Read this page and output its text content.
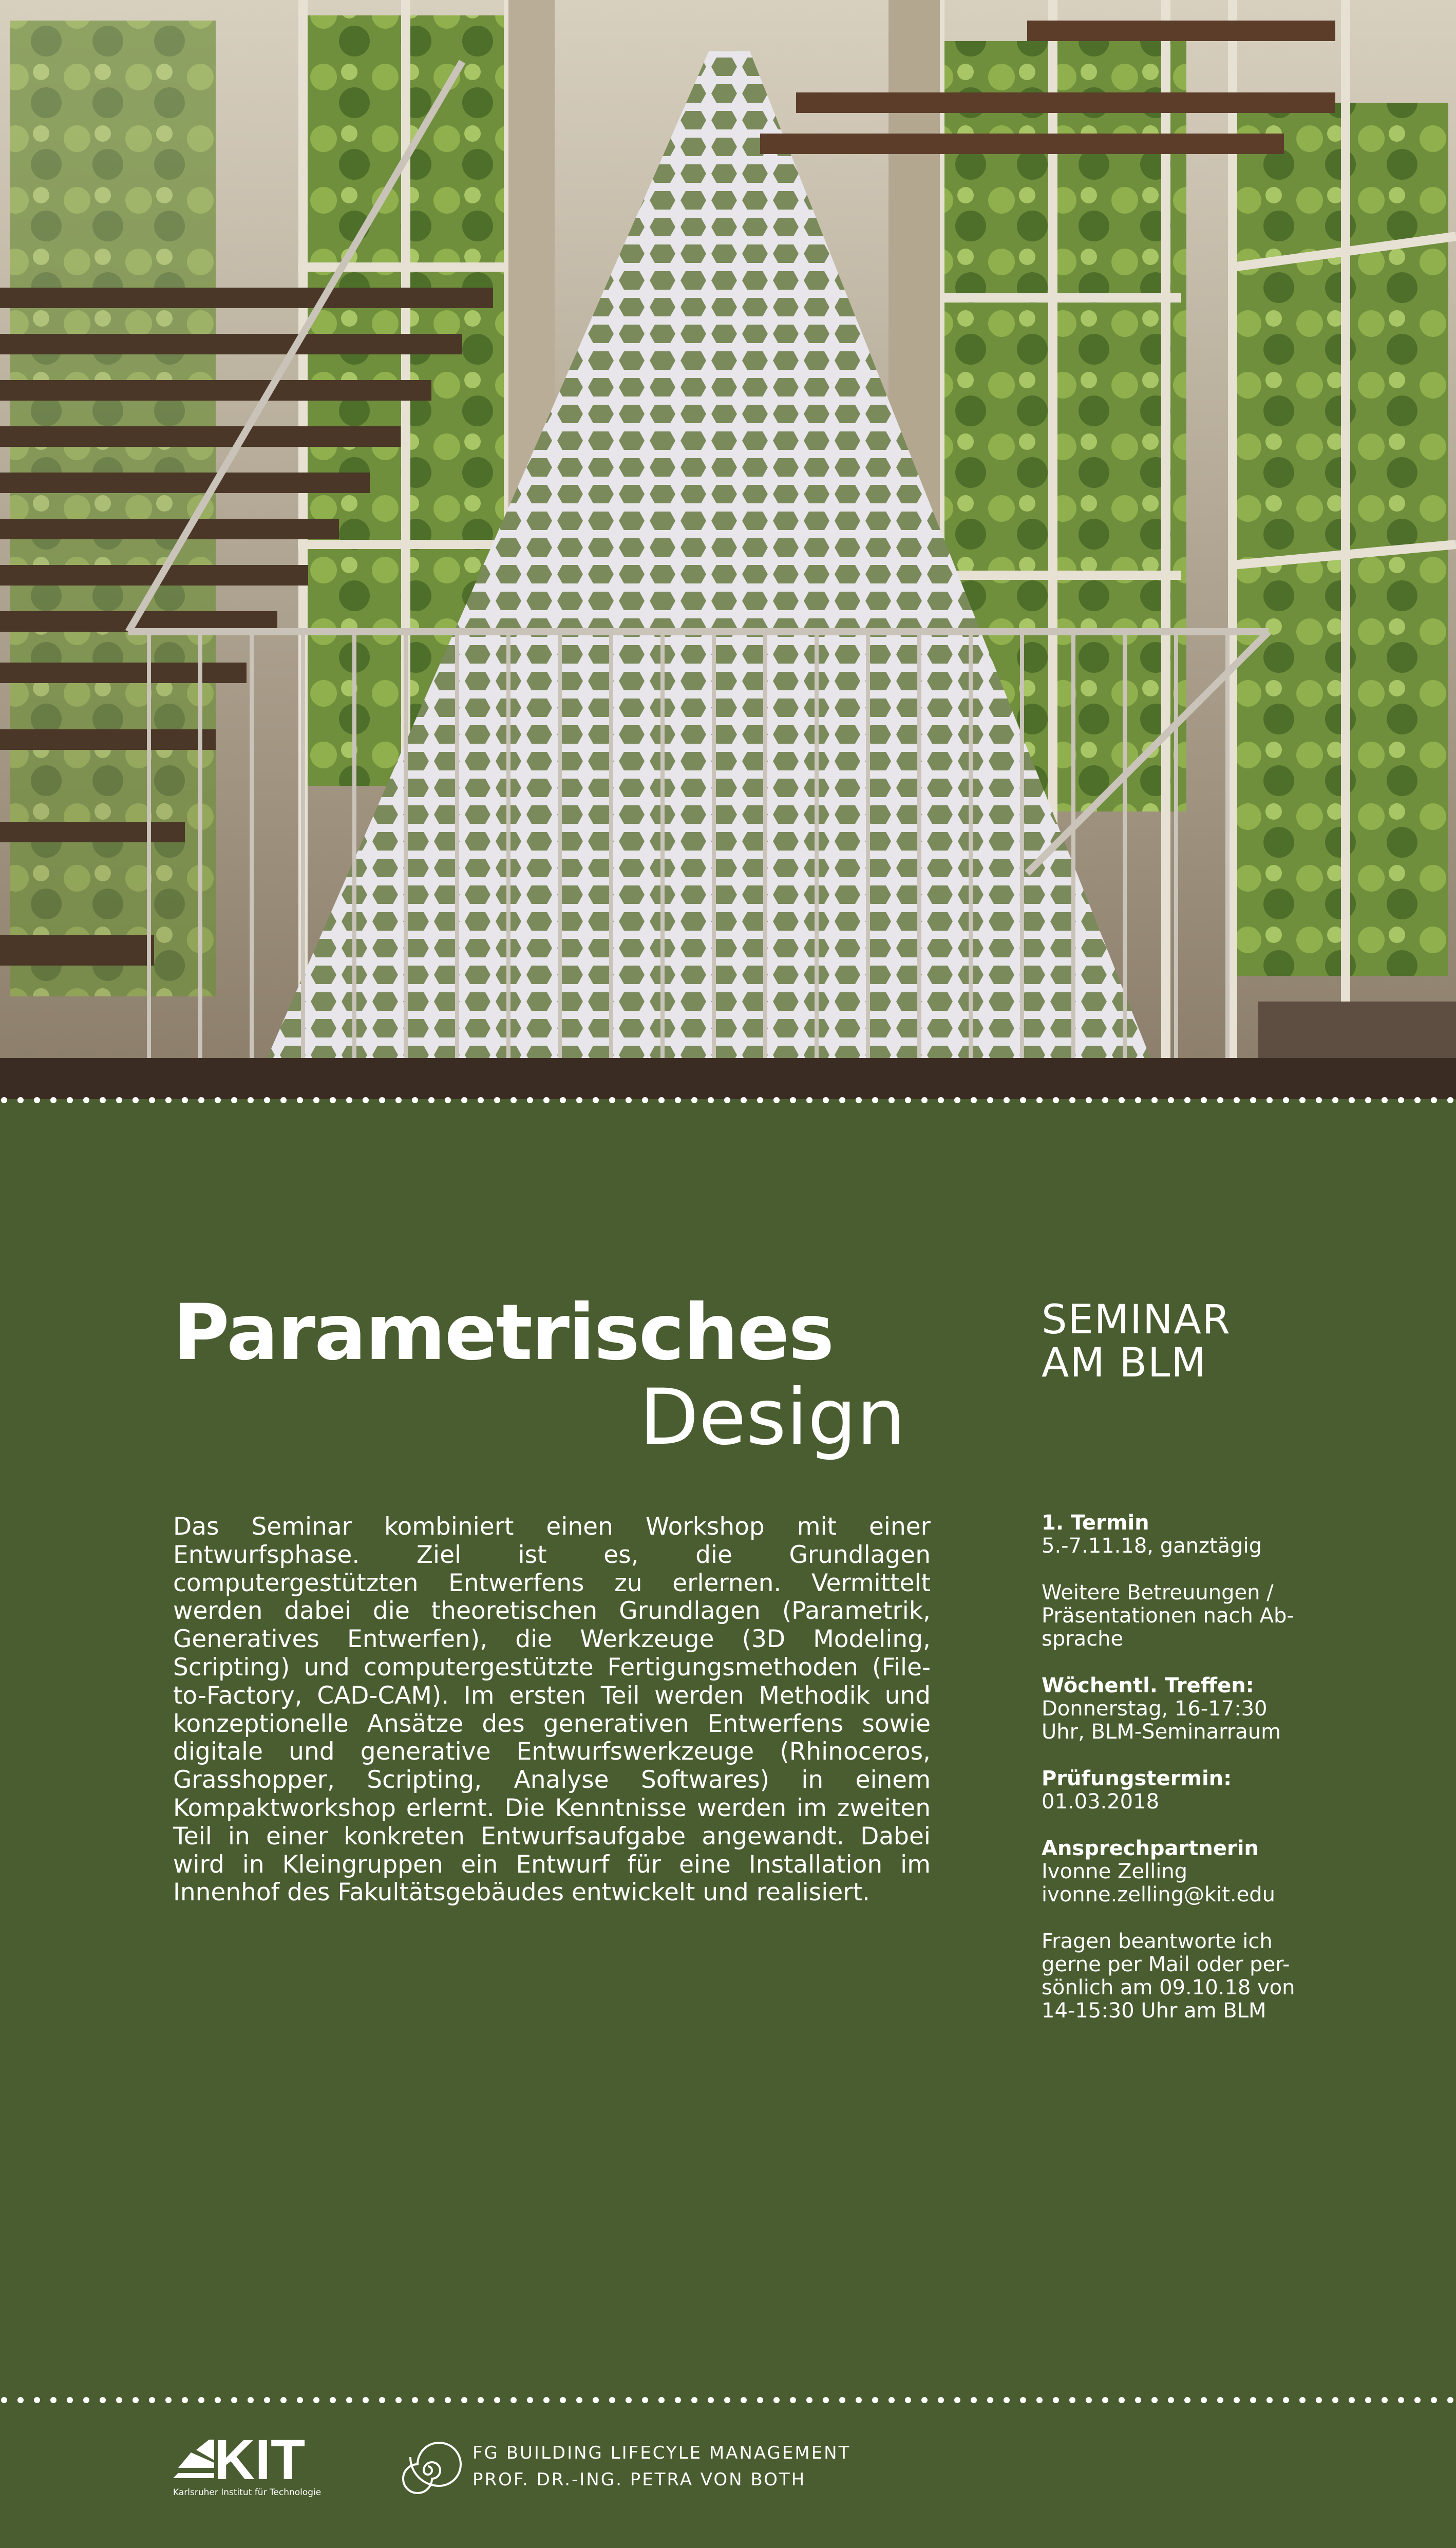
Parametrisches
Design
SEMINAR
AM BLM
Das Seminar kombiniert einen Workshop mit einer Entwurfsphase. Ziel ist es, die Grundlagen computergestützten Entwerfens zu erlernen. Vermittelt werden dabei die theoretischen Grundlagen (Parametrik, Generatives Entwerfen), die Werkzeuge (3D Modeling, Scripting) und computergestützte Fertigungsmethoden (File-to-Factory, CAD-CAM). Im ersten Teil werden Methodik und konzeptionelle Ansätze des generativen Entwerfens sowie digitale und generative Entwurfswerkzeuge (Rhinoceros, Grasshopper, Scripting, Analyse Softwares) in einem Kompaktworkshop erlernt. Die Kenntnisse werden im zweiten Teil in einer konkreten Entwurfsaufgabe angewandt. Dabei wird in Kleingruppen ein Entwurf für eine Installation im Innenhof des Fakultätsgebäudes entwickelt und realisiert.
1. Termin
5.-7.11.18, ganztägig
Weitere Betreuungen /
Präsentationen nach Ab-
sprache
Wöchentl. Treffen:
Donnerstag, 16-17:30
Uhr, BLM-Seminarraum
Prüfungstermin:
01.03.2018
Ansprechpartnerin
Ivonne Zelling
ivonne.zelling@kit.edu
Fragen beantworte ich
gerne per Mail oder per-
sönlich am 09.10.18 von
14-15:30 Uhr am BLM
KIT
Karlsruher Institut für Technologie
FG BUILDING LIFECYLE MANAGEMENT
PROF. DR.-ING. PETRA VON BOTH
